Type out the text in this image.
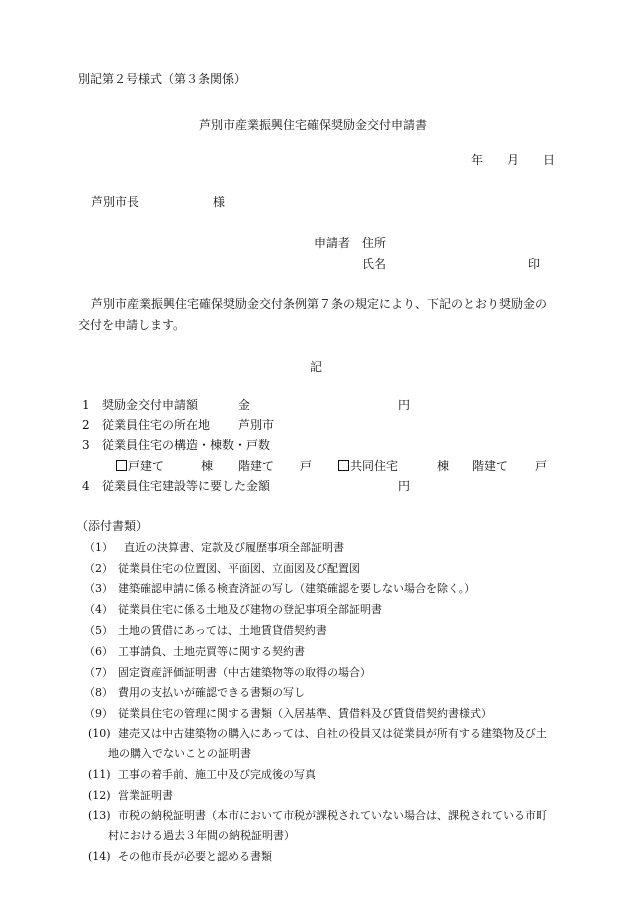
別記第２号様式（第３条関係）
芦別市産業振興住宅確保奨励金交付申請書
年 月 日
芦別市長	様
申請者 住所
氏名	印
芦別市産業振興住宅確保奨励金交付条例第７条の規定により、下記のとおり奨励金の
交付を申請します。
記
1 奨励金交付申請額	金	円
2 従業員住宅の所在地 芦別市
3 従業員住宅の構造・棟数・戸数
戸建て	棟 階建て 戸	共同住宅	棟 階建て 戸
4 従業員住宅建設等に要した金額	円
（添付書類）
（1） 直近の決算書、定款及び履歴事項全部証明書
（2） 従業員住宅の位置図、平面図、立面図及び配置図
（3） 建築確認申請に係る検査済証の写し（建築確認を要しない場合を除く。）
（4） 従業員住宅に係る土地及び建物の登記事項全部証明書
（5） 土地の賃借にあっては、土地賃貸借契約書
（6） 工事請負、土地売買等に関する契約書
（7） 固定資産評価証明書（中古建築物等の取得の場合）
（8） 費用の支払いが確認できる書類の写し
（9） 従業員住宅の管理に関する書類（入居基準、賃借料及び賃貸借契約書様式）
(10) 建売又は中古建築物の購入にあっては、自社の役員又は従業員が所有する建築物及び土
地の購入でないことの証明書
(11) 工事の着手前、施工中及び完成後の写真
(12) 営業証明書
(13) 市税の納税証明書（本市において市税が課税されていない場合は、課税されている市町
村における過去３年間の納税証明書）
(14) その他市長が必要と認める書類
